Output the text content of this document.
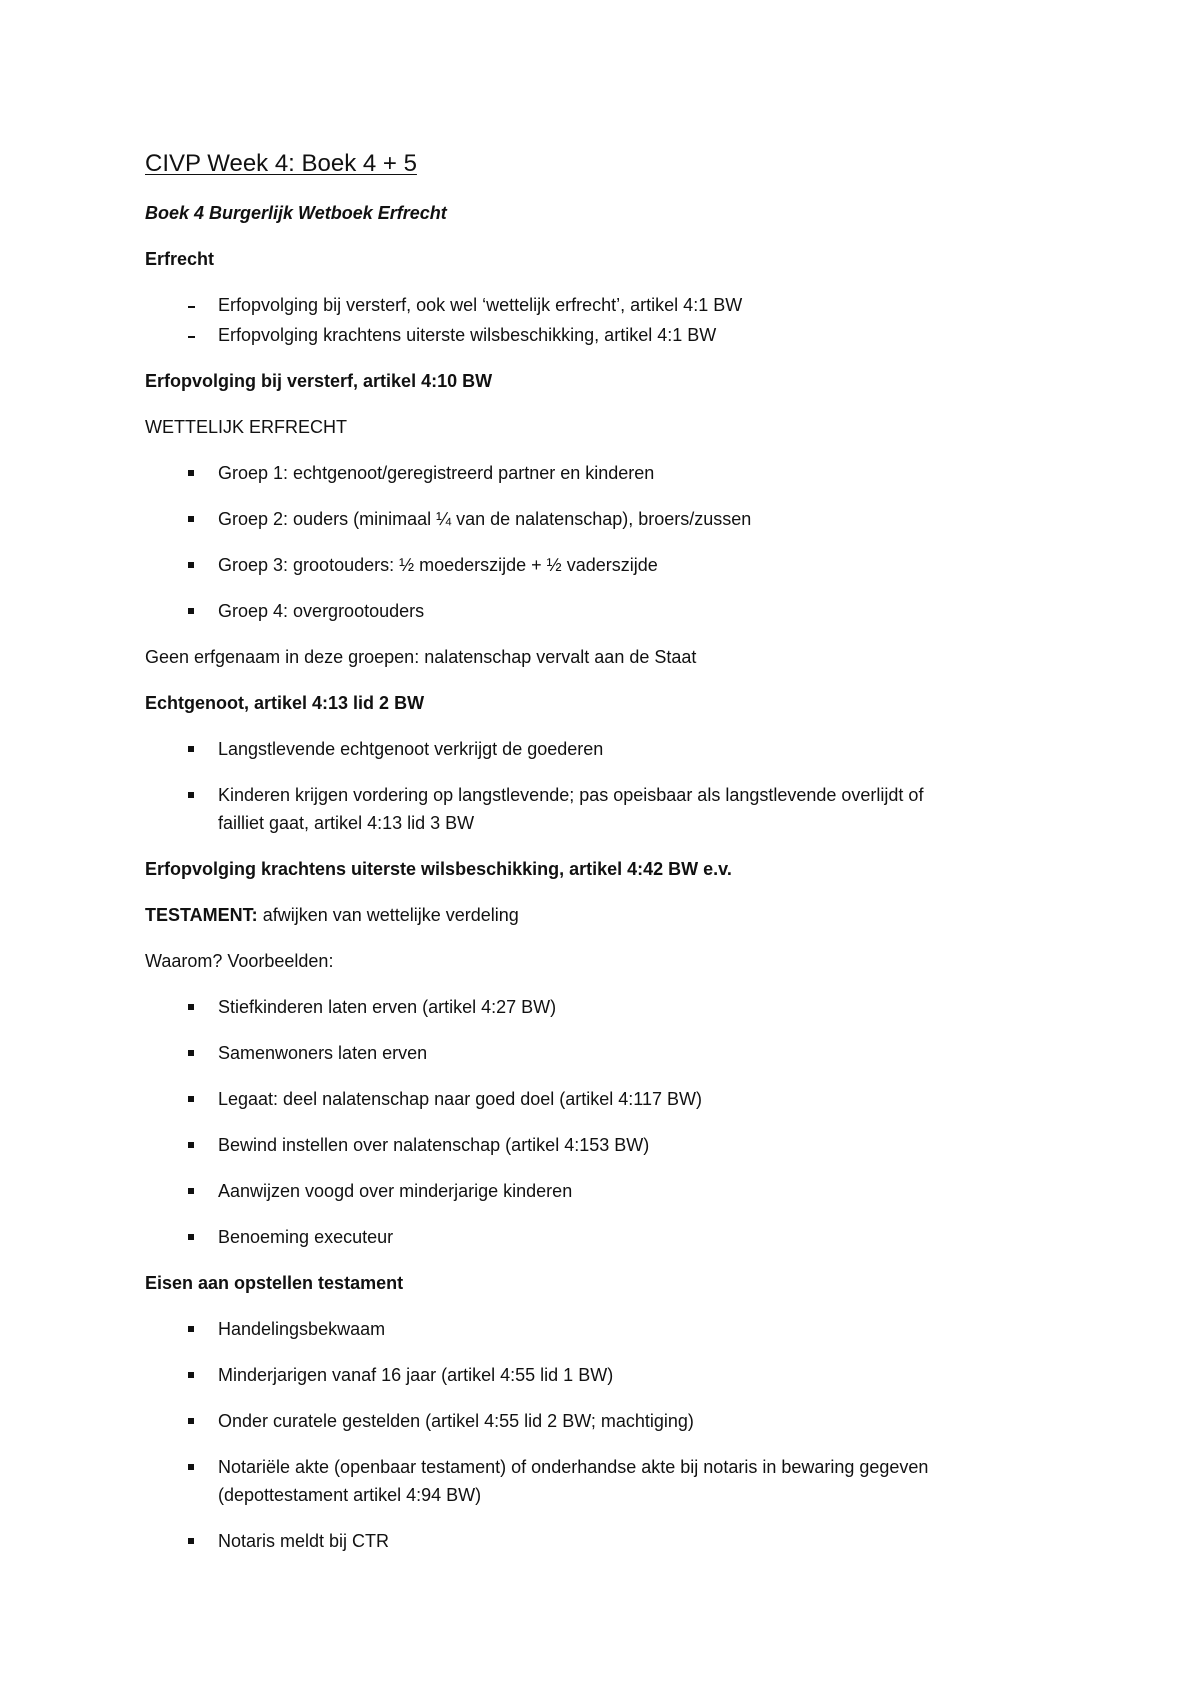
CIVP Week 4: Boek 4 + 5
Boek 4 Burgerlijk Wetboek Erfrecht
Erfrecht
Erfopvolging bij versterf, ook wel ‘wettelijk erfrecht’, artikel 4:1 BW
Erfopvolging krachtens uiterste wilsbeschikking, artikel 4:1 BW
Erfopvolging bij versterf, artikel 4:10 BW
WETTELIJK ERFRECHT
Groep 1: echtgenoot/geregistreerd partner en kinderen
Groep 2: ouders (minimaal ¼ van de nalatenschap), broers/zussen
Groep 3: grootouders: ½ moederszijde + ½ vaderszijde
Groep 4: overgrootouders
Geen erfgenaam in deze groepen: nalatenschap vervalt aan de Staat
Echtgenoot, artikel 4:13 lid 2 BW
Langstlevende echtgenoot verkrijgt de goederen
Kinderen krijgen vordering op langstlevende; pas opeisbaar als langstlevende overlijdt of
failliet gaat, artikel 4:13 lid 3 BW
Erfopvolging krachtens uiterste wilsbeschikking, artikel 4:42 BW e.v.
TESTAMENT: afwijken van wettelijke verdeling
Waarom? Voorbeelden:
Stiefkinderen laten erven (artikel 4:27 BW)
Samenwoners laten erven
Legaat: deel nalatenschap naar goed doel (artikel 4:117 BW)
Bewind instellen over nalatenschap (artikel 4:153 BW)
Aanwijzen voogd over minderjarige kinderen
Benoeming executeur
Eisen aan opstellen testament
Handelingsbekwaam
Minderjarigen vanaf 16 jaar (artikel 4:55 lid 1 BW)
Onder curatele gestelden (artikel 4:55 lid 2 BW; machtiging)
Notariële akte (openbaar testament) of onderhandse akte bij notaris in bewaring gegeven
(depottestament artikel 4:94 BW)
Notaris meldt bij CTR
